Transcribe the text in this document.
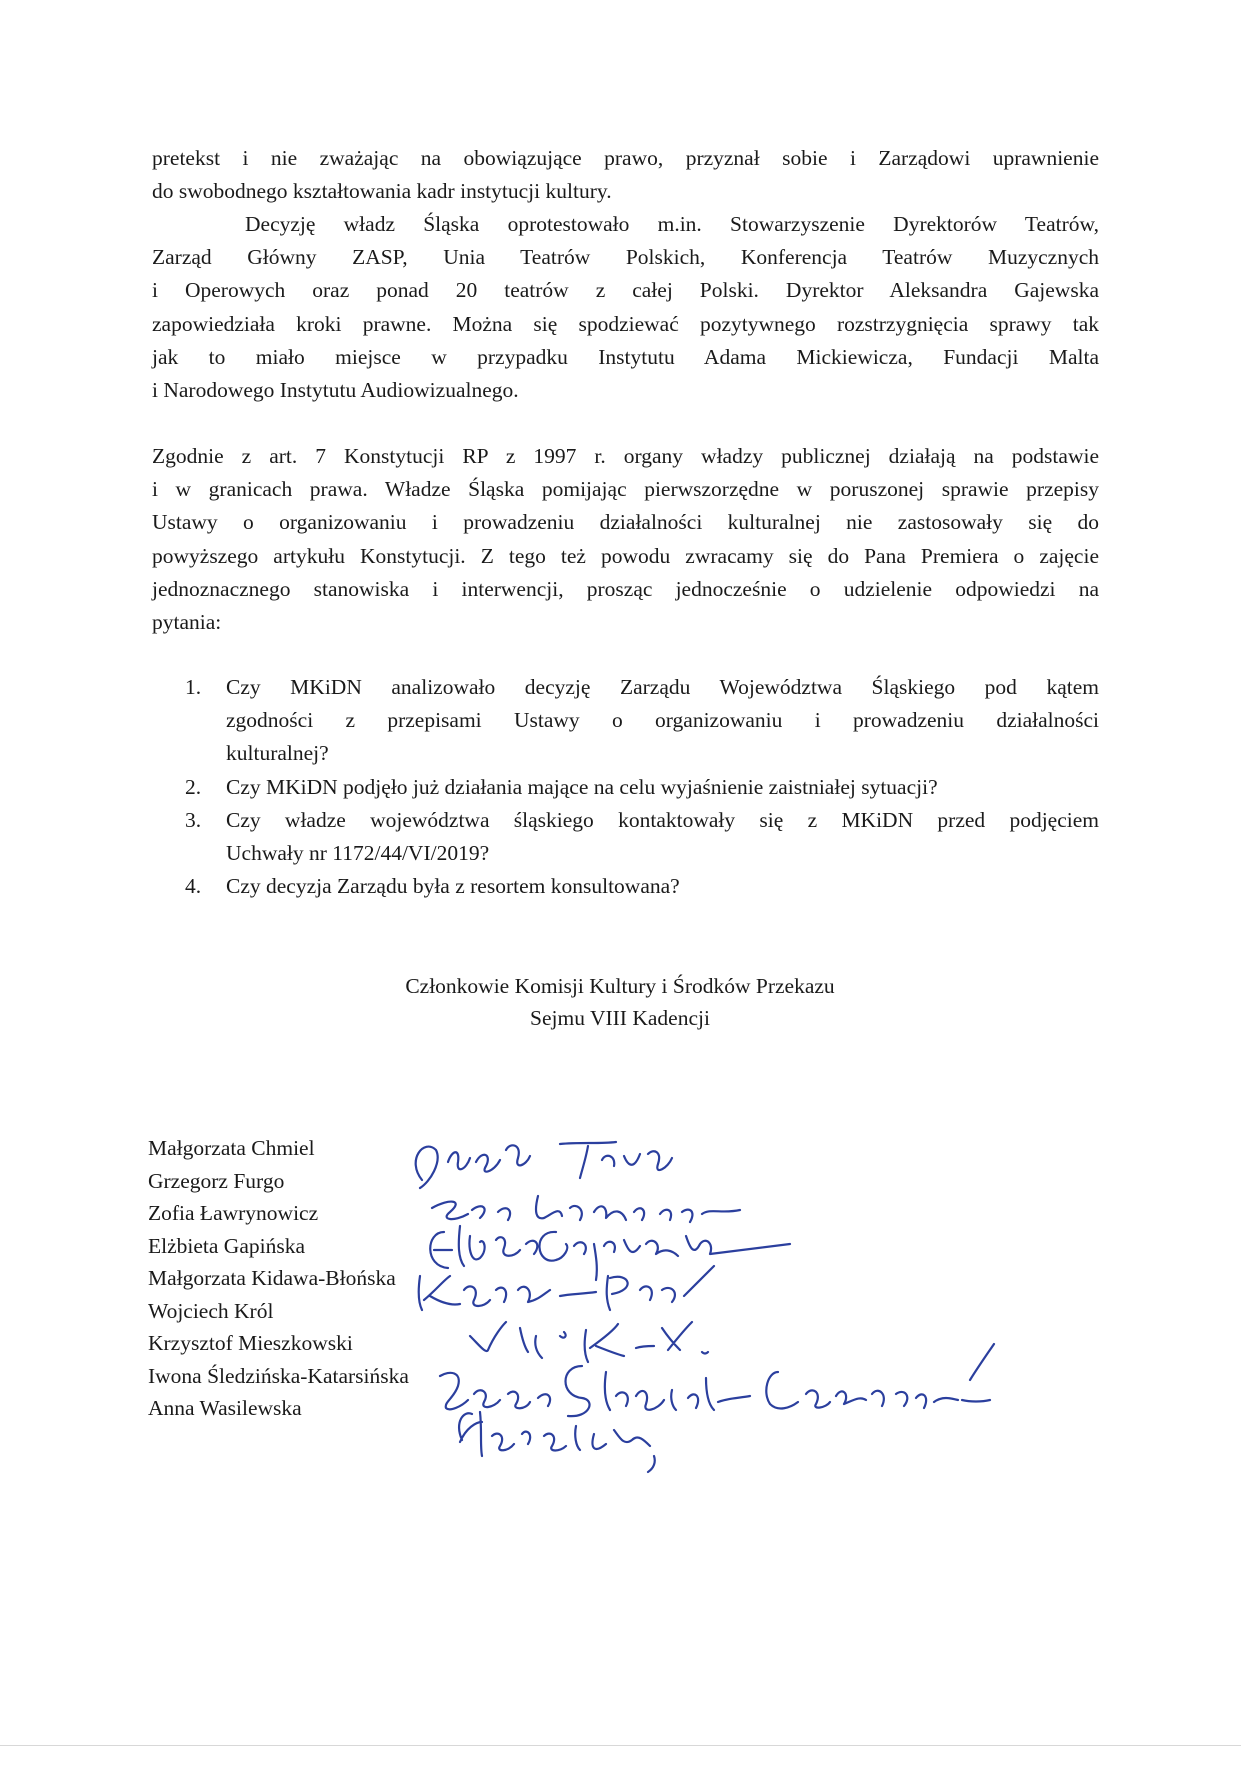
pretekst i nie zważając na obowiązujące prawo, przyznał sobie i Zarządowi uprawnienie
do swobodnego kształtowania kadr instytucji kultury.
Decyzję władz Śląska oprotestowało m.in. Stowarzyszenie Dyrektorów Teatrów,
Zarząd Główny ZASP, Unia Teatrów Polskich, Konferencja Teatrów Muzycznych
i Operowych oraz ponad 20 teatrów z całej Polski. Dyrektor Aleksandra Gajewska
zapowiedziała kroki prawne. Można się spodziewać pozytywnego rozstrzygnięcia sprawy tak
jak to miało miejsce w przypadku Instytutu Adama Mickiewicza, Fundacji Malta
i Narodowego Instytutu Audiowizualnego.
Zgodnie z art. 7 Konstytucji RP z 1997 r. organy władzy publicznej działają na podstawie
i w granicach prawa. Władze Śląska pomijając pierwszorzędne w poruszonej sprawie przepisy
Ustawy o organizowaniu i prowadzeniu działalności kulturalnej nie zastosowały się do
powyższego artykułu Konstytucji. Z tego też powodu zwracamy się do Pana Premiera o zajęcie
jednoznacznego stanowiska i interwencji, prosząc jednocześnie o udzielenie odpowiedzi na
pytania:
1. Czy MKiDN analizowało decyzję Zarządu Województwa Śląskiego pod kątem
zgodności z przepisami Ustawy o organizowaniu i prowadzeniu działalności
kulturalnej?
2. Czy MKiDN podjęło już działania mające na celu wyjaśnienie zaistniałej sytuacji?
3. Czy władze województwa śląskiego kontaktowały się z MKiDN przed podjęciem
Uchwały nr 1172/44/VI/2019?
4. Czy decyzja Zarządu była z resortem konsultowana?
Członkowie Komisji Kultury i Środków Przekazu
Sejmu VIII Kadencji
Małgorzata Chmiel
Grzegorz Furgo
Zofia Ławrynowicz
Elżbieta Gapińska
Małgorzata Kidawa-Błońska
Wojciech Król
Krzysztof Mieszkowski
Iwona Śledzińska-Katarsińska
Anna Wasilewska
